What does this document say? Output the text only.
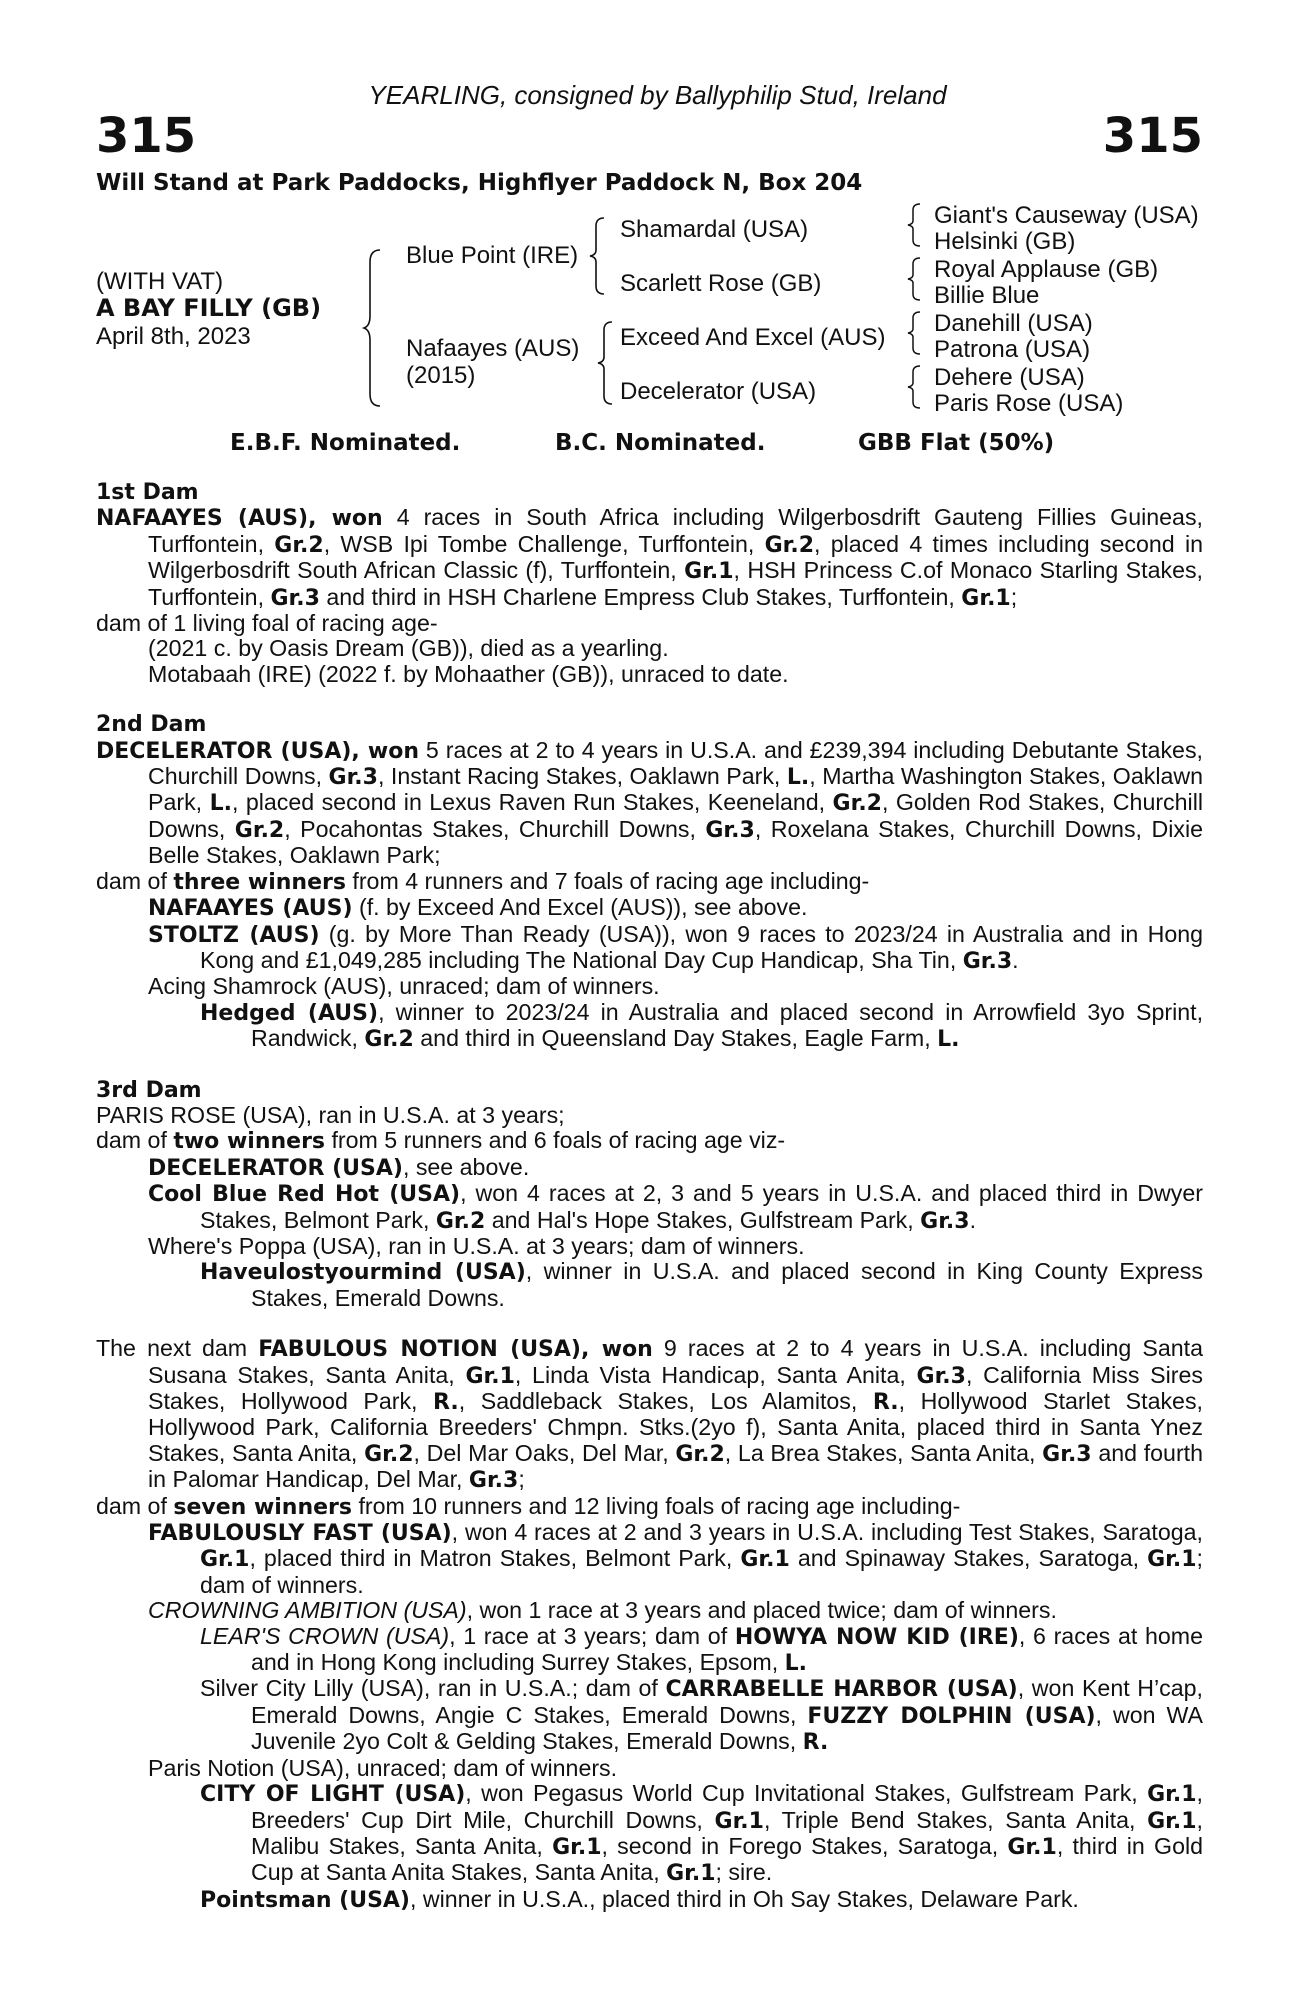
YEARLING, consigned by Ballyphilip Stud, Ireland
315	315
Will Stand at Park Paddocks, Highflyer Paddock N, Box 204
(WITH VAT)
A BAY FILLY (GB)
April 8th, 2023
Blue Point (IRE)
Nafaayes (AUS)
(2015)
Shamardal (USA)
Scarlett Rose (GB)
Exceed And Excel (AUS)
Decelerator (USA)
Giant's Causeway (USA)
Helsinki (GB)
Royal Applause (GB)
Billie Blue
Danehill (USA)
Patrona (USA)
Dehere (USA)
Paris Rose (USA)
E.B.F. Nominated.	B.C. Nominated.	GBB Flat (50%)
1st Dam
NAFAAYES (AUS), won 4 races in South Africa including Wilgerbosdrift Gauteng Fillies Guineas, Turffontein, Gr.2, WSB Ipi Tombe Challenge, Turffontein, Gr.2, placed 4 times including second in Wilgerbosdrift South African Classic (f), Turffontein, Gr.1, HSH Princess C.of Monaco Starling Stakes, Turffontein, Gr.3 and third in HSH Charlene Empress Club Stakes, Turffontein, Gr.1;
dam of 1 living foal of racing age-
(2021 c. by Oasis Dream (GB)), died as a yearling.
Motabaah (IRE) (2022 f. by Mohaather (GB)), unraced to date.
2nd Dam
DECELERATOR (USA), won 5 races at 2 to 4 years in U.S.A. and £239,394 including Debutante Stakes, Churchill Downs, Gr.3, Instant Racing Stakes, Oaklawn Park, L., Martha Washington Stakes, Oaklawn Park, L., placed second in Lexus Raven Run Stakes, Keeneland, Gr.2, Golden Rod Stakes, Churchill Downs, Gr.2, Pocahontas Stakes, Churchill Downs, Gr.3, Roxelana Stakes, Churchill Downs, Dixie Belle Stakes, Oaklawn Park;
dam of three winners from 4 runners and 7 foals of racing age including-
NAFAAYES (AUS) (f. by Exceed And Excel (AUS)), see above.
STOLTZ (AUS) (g. by More Than Ready (USA)), won 9 races to 2023/24 in Australia and in Hong Kong and £1,049,285 including The National Day Cup Handicap, Sha Tin, Gr.3.
Acing Shamrock (AUS), unraced; dam of winners.
Hedged (AUS), winner to 2023/24 in Australia and placed second in Arrowfield 3yo Sprint, Randwick, Gr.2 and third in Queensland Day Stakes, Eagle Farm, L.
3rd Dam
PARIS ROSE (USA), ran in U.S.A. at 3 years;
dam of two winners from 5 runners and 6 foals of racing age viz-
DECELERATOR (USA), see above.
Cool Blue Red Hot (USA), won 4 races at 2, 3 and 5 years in U.S.A. and placed third in Dwyer Stakes, Belmont Park, Gr.2 and Hal's Hope Stakes, Gulfstream Park, Gr.3.
Where's Poppa (USA), ran in U.S.A. at 3 years; dam of winners.
Haveulostyourmind (USA), winner in U.S.A. and placed second in King County Express Stakes, Emerald Downs.
The next dam FABULOUS NOTION (USA), won 9 races at 2 to 4 years in U.S.A. including Santa Susana Stakes, Santa Anita, Gr.1, Linda Vista Handicap, Santa Anita, Gr.3, California Miss Sires Stakes, Hollywood Park, R., Saddleback Stakes, Los Alamitos, R., Hollywood Starlet Stakes, Hollywood Park, California Breeders' Chmpn. Stks.(2yo f), Santa Anita, placed third in Santa Ynez Stakes, Santa Anita, Gr.2, Del Mar Oaks, Del Mar, Gr.2, La Brea Stakes, Santa Anita, Gr.3 and fourth in Palomar Handicap, Del Mar, Gr.3;
dam of seven winners from 10 runners and 12 living foals of racing age including-
FABULOUSLY FAST (USA), won 4 races at 2 and 3 years in U.S.A. including Test Stakes, Saratoga, Gr.1, placed third in Matron Stakes, Belmont Park, Gr.1 and Spinaway Stakes, Saratoga, Gr.1; dam of winners.
CROWNING AMBITION (USA), won 1 race at 3 years and placed twice; dam of winners.
LEAR'S CROWN (USA), 1 race at 3 years; dam of HOWYA NOW KID (IRE), 6 races at home and in Hong Kong including Surrey Stakes, Epsom, L.
Silver City Lilly (USA), ran in U.S.A.; dam of CARRABELLE HARBOR (USA), won Kent H’cap, Emerald Downs, Angie C Stakes, Emerald Downs, FUZZY DOLPHIN (USA), won WA Juvenile 2yo Colt & Gelding Stakes, Emerald Downs, R.
Paris Notion (USA), unraced; dam of winners.
CITY OF LIGHT (USA), won Pegasus World Cup Invitational Stakes, Gulfstream Park, Gr.1, Breeders' Cup Dirt Mile, Churchill Downs, Gr.1, Triple Bend Stakes, Santa Anita, Gr.1, Malibu Stakes, Santa Anita, Gr.1, second in Forego Stakes, Saratoga, Gr.1, third in Gold Cup at Santa Anita Stakes, Santa Anita, Gr.1; sire.
Pointsman (USA), winner in U.S.A., placed third in Oh Say Stakes, Delaware Park.
